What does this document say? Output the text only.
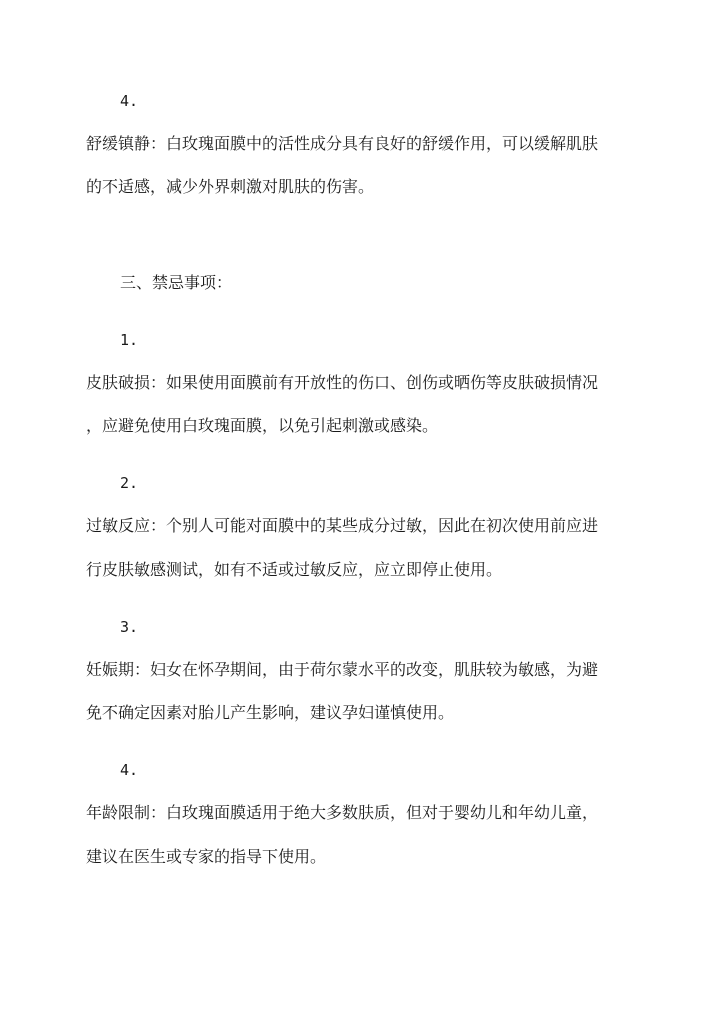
4.
舒缓镇静：白玫瑰面膜中的活性成分具有良好的舒缓作用，可以缓解肌肤
的不适感，减少外界刺激对肌肤的伤害。
三、禁忌事项：
1.
皮肤破损：如果使用面膜前有开放性的伤口、创伤或晒伤等皮肤破损情况
，应避免使用白玫瑰面膜，以免引起刺激或感染。
2.
过敏反应：个别人可能对面膜中的某些成分过敏，因此在初次使用前应进
行皮肤敏感测试，如有不适或过敏反应，应立即停止使用。
3.
妊娠期：妇女在怀孕期间，由于荷尔蒙水平的改变，肌肤较为敏感，为避
免不确定因素对胎儿产生影响，建议孕妇谨慎使用。
4.
年龄限制：白玫瑰面膜适用于绝大多数肤质，但对于婴幼儿和年幼儿童，
建议在医生或专家的指导下使用。
